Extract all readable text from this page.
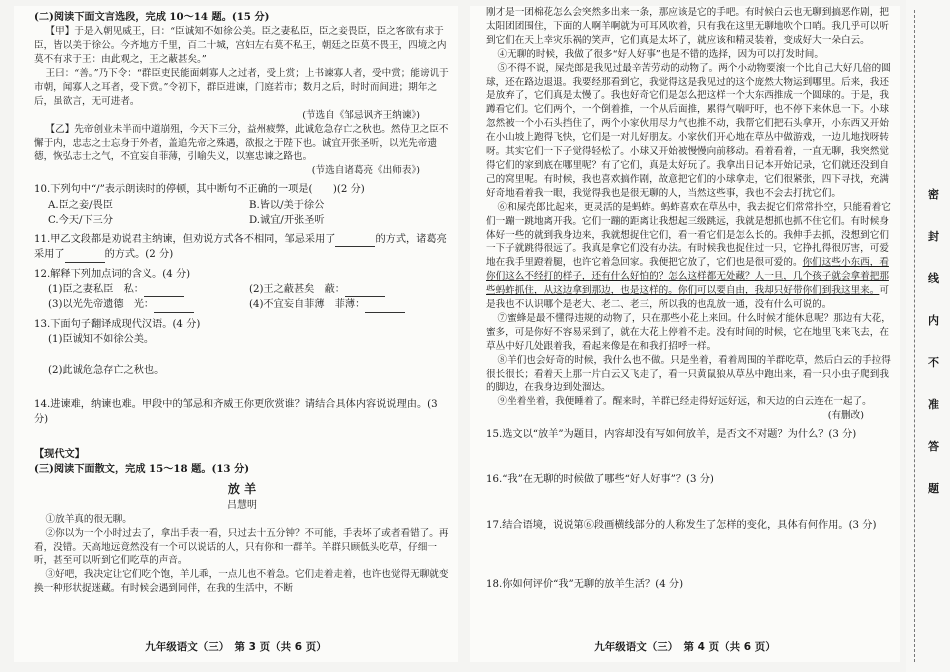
(二)阅读下面文言选段，完成 10～14 题。(15 分)

【甲】于是入朝见威王，曰：“臣诚知不如徐公美。臣之妻私臣，臣之妾畏臣，臣之客欲有求于臣，皆以美于徐公。今齐地方千里，百二十城，宫妇左右莫不私王，朝廷之臣莫不畏王，四境之内莫不有求于王：由此观之，王之蔽甚矣。”

王曰：“善。”乃下令：“群臣吏民能面刺寡人之过者，受上赏；上书谏寡人者，受中赏；能谤讥于市朝，闻寡人之耳者，受下赏。”令初下，群臣进谏，门庭若市；数月之后，时时而间进；期年之后，虽欲言，无可进者。

(节选自《邹忌讽齐王纳谏》)

【乙】先帝创业未半而中道崩殂，今天下三分，益州疲弊，此诚危急存亡之秋也。然侍卫之臣不懈于内，忠志之士忘身于外者，盖追先帝之殊遇，欲报之于陛下也。诚宜开张圣听，以光先帝遗德，恢弘志士之气，不宜妄自菲薄，引喻失义，以塞忠谏之路也。

(节选自诸葛亮《出师表》)

10.下列句中“/”表示朗读时的停顿，其中断句不正确的一项是(　　)(2 分)

A.臣之妾/畏臣	B.皆以/美于徐公
C.今天/下三分	D.诚宜/开张圣听

11.甲乙文段都是劝说君主纳谏，但劝说方式各不相同，邹忌采用了	的方式，诸葛亮采用了	的方式。(2 分)

12.解释下列加点词的含义。(4 分)

(1)臣之妻私臣　 私：	(2)王之蔽甚矣　 蔽：
(3)以光先帝遗德　 光：	(4)不宜妄自菲薄　 菲薄：

13.下面句子翻译成现代汉语。(4 分)

(1)臣诚知不如徐公美。

(2)此诚危急存亡之秋也。

14.进谏难，纳谏也难。甲段中的邹忌和齐威王你更欣赏谁？请结合具体内容说说理由。(3 分)

【现代文】

(三)阅读下面散文，完成 15～18 题。(13 分)

放 羊

吕慧明

①放羊真的很无聊。

②你以为一个小时过去了，拿出手表一看，只过去十五分钟？不可能，手表坏了或者看错了。再看，没错。天高地远竟然没有一个可以说话的人，只有你和一群羊。羊群只顾低头吃草，仔细一听，甚至可以听到它们吃草的声音。

③好吧，我决定让它们吃个饱，羊儿乖，一点儿也不着急。它们走着走着，也许也觉得无聊就变换一种形状捉迷藏。有时候会遇到同伴，在我的生活中，不断

九年级语文（三）　第 3 页（共 6 页）

刚才是一团棉花怎么会突然多出来一条，那应该是它的手吧。有时候白云也无聊到搞恶作剧，把太阳团团围住，下面的人啊羊啊就为可耳风吹着，只有我在这里无聊地吹个口哨。我几乎可以听到它们在天上幸灾乐祸的笑声，它们真是太坏了，就应该和精灵装着，变成好大一朵白云。

④无聊的时候，我做了很多“好人好事”也是不错的选择，因为可以打发时间。

⑤不得不说，屎壳郎是我见过最辛苦劳动的动物了。两个小动物要滚一个比自己大好几倍的圆球，还在路边退退。我要经那看到它，我觉得这是我见过的这个庞然大物运到哪里。后来，我还是放弃了，它们真是太慢了。我也好奇它们是怎么把这样一个大东西推成一个圆球的。于是，我蹲看它们。它们两个，一个倒着推，一个从后面推，累得气喘吁吁，也不停下来休息一下。小球忽然被一个小石头挡住了，两个小家伙用尽力气也推不动，我帮它们把石头拿开，小东西又开始在小山坡上跑得飞快，它们是一对儿好朋友。小家伙们开心地在草丛中做游戏，一边儿地找呀转呀。其实它们一下子觉得轻松了。小球又开始被慢慢向前移动。看着看着，一直无聊，我突然觉得它们的家到底在哪里呢？有了它们，真是太好玩了。我拿出日记本开始记录，它们就还没到自己的窝里呢。有时候，我也喜欢搞作剧，故意把它们的小球拿走，它们很紧张，四下寻找，充满好奇地看着我一眼，我觉得我也是很无聊的人，当然这些事，我也不会去打扰它们。

⑥和屎壳郎比起来，更灵活的是蚂蚱。蚂蚱喜欢在草丛中，我去捉它们常常扑空，只能看着它们一蹦一跳地离开我。它们一蹦的距离让我想起三级跳远，我就是想抓也抓不住它们。有时候身体好一些的就到我身边来，我就想捉住它们，看一看它们是怎么长的。我伸手去抓，没想到它们一下子就跳得很远了。我真是拿它们没有办法。有时候我也捉住过一只，它挣扎得很厉害，可爱地在我手里蹬着腿，也许它着急回家。我便把它放了，它们也是很可爱的。你们这些小东西，看你们这么不经打的样子，还有什么好怕的？怎么这样都无处藏？人一旦，几个孩子就会拿着把那些蚂蚱抓住，从这边拿到那边，也是这样的。你们可以要自由，我却只好带你们到我这里来。可是我也不认识哪个是老大、老二、老三，所以我的也乱放一通，没有什么可说的。

⑦蜜蜂是最不懂得违规的动物了，只在那些小花上来回。什么时候才能休息呢？那边有大花，蜜多，可是你好不容易采到了，就在大花上停着不走。没有时间的时候，它在地里飞来飞去，在草丛中好几处跟着我，看起来像是在和我打招呼一样。

⑧羊们也会好奇的时候，我什么也不做。只是坐着，看着周围的羊群吃草，然后白云的手拉得很长很长；看着天上那一片白云又飞走了，看一只黄鼠狼从草丛中跑出来，看一只小虫子爬到我的脚边，在我身边到处溜达。

⑨坐着坐着，我便睡着了。醒来时，羊群已经走得好远好远，和天边的白云连在一起了。

(有删改)

15.选文以“放羊”为题目，内容却没有写如何放羊，是否文不对题？为什么？(3 分)

16.“我”在无聊的时候做了哪些“好人好事”？(3 分)

17.结合语境，说说第⑥段画横线部分的人称发生了怎样的变化，具体有何作用。(3 分)

18.你如何评价“我”无聊的放羊生活？(4 分)

九年级语文（三）　第 4 页（共 6 页）
密
封
线
内
不
准
答
题
